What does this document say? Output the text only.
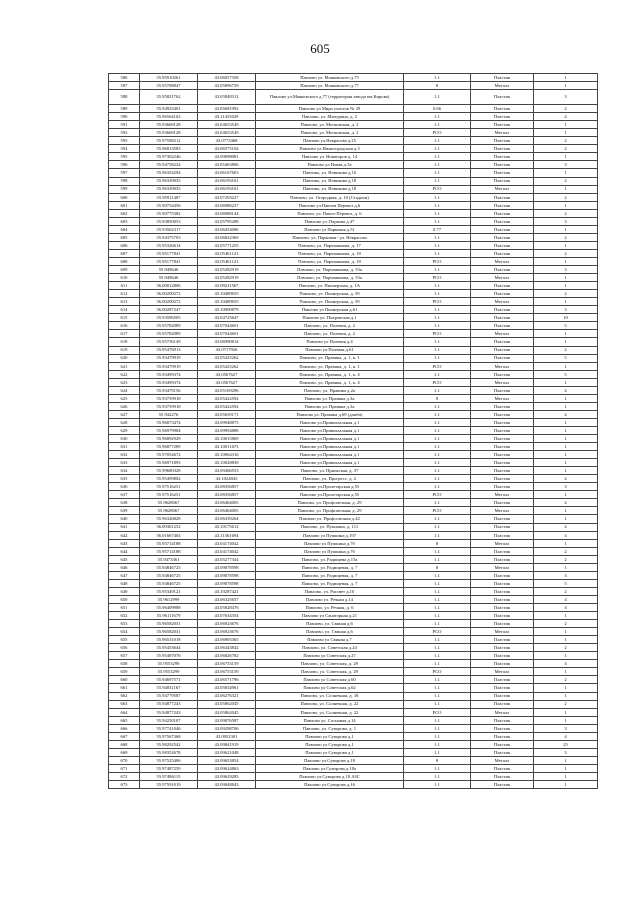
605
586	55.95910261	43.06057358	Павлово ул. Маяковского д.75	1.1	Пластик	1
587	55.95708847	43.05896759	Павлово ул. Маяковского д.77	8	Металл	1
588	55.95821762	43.05848312	Павлово ул.Маяковского д.77 (территория завода им.Кирова)	1.1	Пластик	3
589	55.94923401	43.05681992	Павлово ул Мира участок № 29	0.66	Пластик	2
590	55.96564102	43.11433029	Павлово, ул. Мичурина, д. 2	1.1	Пластик	4
591	55.93669128	43.04653549	Павлово, ул. Московская, д. 2	1.1	Пластик	1
592	55.93669128	43.04653549	Павлово, ул. Московская, д. 2	PCO	Металл	1
593	55.97598212	43.0773468	Павлово ул.Некрасова д.25	1.1	Пластик	2
594	55.96813583	43.06575104	Павлово ул.Нижегородская д.3	1.1	Пластик	2
595	55.97302246	43.09098081	Павлово ул. Новаторов д. 14	1.1	Пластик	1
596	55.94758224	43.05463806	Павлово ул Новая д.3а	1.1	Пластик	3
597	55.96354294	43.06167603	Павлово, ул. Новикова д.16	1.1	Пластик	1
598	55.96339035	43.06193161	Павлово, ул. Новикова д.18	1.1	Пластик	2
599	55.96339035	43.06193161	Павлово, ул. Новикова д.18	PCO	Металл	1
600	55.95911407	43.07293227	Павлово, ул. Огородная, д. 10 (Стадион)	1.1	Пластик	2
601	55.90754456	43.06986237	Павлово ул.Павлов Перевоз д.6	1.1	Пластик	1
602	55.90775382	43.06988144	Павлово, ул. Павло-Перевоз, д. 6	1.1	Пластик	2
603	55.93850053	43.05795288	Павлово ул. Паркова д.47	1.1	Пластик	3
604	55.93562317	43.06454086	Павлово ул Парковая д.51	0.77	Пластик	1
605	55.94375703	43.06822369	Павлово, ул. Парковая / ул. Некрасова	1.1	Пластик	2
606	55.95326614	43.05771255	Павлово, ул. Парчанинова, д. 17	1.1	Пластик	1
607	55.95177841	43.05461121	Павлово, ул. Парчанинова, д. 18	1.1	Пластик	2
608	55.95177841	43.05461121	Павлово, ул. Парчанинова, д. 18	PCO	Металл	1
609	55.949646	43.05282919	Павлово, ул. Парчанинова, д. 53а	1.1	Пластик	3
610	55.949646	43.05282919	Павлово, ул. Парчанинова, д. 53а	PCO	Металл	1
611	56.00012806	43.09211567	Павлово, ул. Пионерская, д. 1А	1.1	Пластик	1
612	56.00200272	43.10489655	Павлово, ул. Пионерская, д. 59	1.1	Пластик	2
613	56.00200272	43.10489655	Павлово, ул. Пионерская, д. 59	PCO	Металл	1
614	56.00287247	43.10900879	Павлово ул Пионерская д.61	1.1	Пластик	3
615	55.93596505	43.04725647	Павлово ул. Покровская д.1	1.1	Пластик	10
616	55.95782089	43.07044601	Павлово, ул. Полевая, д. 2	1.1	Пластик	5
617	55.95782089	43.07044601	Павлово, ул. Полевая, д. 2	PCO	Металл	1
618	55.95756149	43.06990814	Павлово ул Полевая д.4	1.1	Пластик	1
619	55.95476913	43.0717926	Павлово ул.Полевая д.61	1.1	Пластик	2
620	55.93479919	43.05425262	Павлово, ул. Правика, д. 1, к. 1	1.1	Пластик	5
621	55.93479919	43.05425262	Павлово, ул. Правика, д. 1, к. 1	PCO	Металл	1
622	55.93499374	43.0567627	Павлово, ул. Правика, д. 1, к. 4	1.1	Пластик	5
623	55.93499374	43.0567627	Павлово, ул. Правика, д. 1, к. 4	PCO	Металл	1
624	55.93479156	43.05169296	Павлово, ул. Правика д.2а	1.1	Пластик	4
625	55.93759918	43.05422592	Павлово ул. Правика д.3а	8	Металл	1
626	55.93759918	43.05422592	Павлово ул. Правика д.3а	1.1	Пластик	1
627	55.942276	43.05639171	Павлово ул. Правика д.69 (дамба)	1.1	Пластик	2
628	55.96873474	43.09948875	Павлово ул.Привокзальная д.1	1.1	Пластик	1
629	55.96979904	43.09994888	Павлово ул.Привокзальная д.1	1.1	Пластик	1
630	55.96892929	43.10015869	Павлово ул.Привокзальная д.1	1.1	Пластик	1
631	55.96877289	43.10011673	Павлово ул.Привокзальная д.1	1.1	Пластик	1
632	55.97054672	43.10064316	Павлово ул.Привокзальная д.1	1.1	Пластик	1
633	55.96971893	43.10028839	Павлово ул.Привокзальная д.1	1.1	Пластик	1
634	55.99680328	43.09466553	Павлово, ул. Приокская, д. 37	1.1	Пластик	1
635	55.95499802	43.1024843	Павлово, ул. Прогресс, д. 2	1.1	Пластик	2
636	55.97516251	43.08356857	Павлово ул.Пролетарская д.55	1.1	Пластик	3
637	55.97516251	43.08356857	Павлово ул.Пролетарская д.55	PCO	Металл	1
638	55.9628067	43.06464005	Павлово, ул. Профсоюзная, д. 29	1.1	Пластик	2
639	55.9628067	43.06464005	Павлово, ул. Профсоюзная, д. 29	PCO	Металл	1
640	55.96326828	43.06339264	Павлово ул. Профсоюзная д.42	1.1	Пластик	1
641	56.00361252	43.10175612	Павлово, ул. Пушкина, д. 111	1.1	Пластик	2
642	56.01667404	43.11361694	Павлово ул Пушкина д.197	1.1	Пластик	4
643	55.95714188	43.04174042	Павлово ул Пушкина д.7б	8	Металл	1
644	55.95714188	43.04174042	Павлово ул Пушкина д.7б	1.1	Пластик	2
645	55.9473361	43.05277344	Павлово, ул. Радищева д.15а	1.1	Пластик	2
646	55.94846725	43.09078598	Павлово, ул. Радищевая, д. 7	8	Металл	1
647	55.94846725	43.09078598	Павлово, ул. Радищевая, д. 7	1.1	Пластик	3
648	55.94846725	43.09078598	Павлово, ул. Радищевая, д. 7	1.1	Пластик	5
649	55.95349121	43.10287421	Павлово, ул. Рассвет д.10	1.1	Пластик	2
650	55.9612999	43.06325657	Павлово ул. Речная д.14	1.1	Пластик	4
651	55.96409988	43.05828476	Павлово, ул. Речная, д. 6	1.1	Пластик	4
652	55.96111679	43.07634354	Павлово ул Санаторная д.21	1.1	Пластик	1
653	55.96582031	43.06923676	Павлово, ул. Свиная д.6	1.1	Пластик	2
654	55.96582031	43.06923676	Павлово, ул. Свиная д.6	PCO	Металл	1
655	55.96531018	43.06905365	Павлово ул Свиная д.7	1.1	Пластик	1
656	55.95453644	43.06343842	Павлово, ул. Советская д.24	1.1	Пластик	2
657	55.95487076	43.06826782	Павлово ул Советская д.27	1.1	Пластик	1
658	55.9553299	43.06753159	Павлово, ул. Советская, д. 29	1.1	Пластик	4
659	55.9553299	43.06753159	Павлово, ул. Советская, д. 29	PCO	Металл	1
660	55.94697571	43.06571796	Павлово ул Советская д.60	1.1	Пластик	2
661	55.94831167	43.05834961	Павлово ул Советская д.62	1.1	Пластик	1
662	55.94779587	43.06276321	Павлово, ул. Солнечная, д. 18	1.1	Пластик	1
663	55.94877243	43.05862045	Павлово, ул. Солнечная, д. 22	1.1	Пластик	2
664	55.94877243	43.05862045	Павлово, ул. Солнечная, д. 22	PCO	Металл	1
665	55.94250107	43.09876587	Павлово ул. Сосновая д.14	1.1	Пластик	1
666	55.97741046	43.09298706	Павлово, ул. Суворова, д. 1	1.1	Пластик	3
667	55.97567368	43.0952301	Павлово ул Суворова д.1	1.1	Пластик	4
668	55.98292542	43.09841919	Павлово ул Суворова д.1	1.1	Пластик	25
669	55.98352678	43.09621048	Павлово ул Суворова д.1	1.1	Пластик	3
670	55.97525406	43.09653854	Павлово ул.Суворова д.18	8	Металл	1
671	55.97487259	43.09624863	Павлово ул.Суворова д.18а	1.1	Пластик	1
672	55.97486115	43.09629285	Павлово ул.Суворова д.18 АЗС	1.1	Пластик	1
673	55.97591019	43.09048843	Павлово ул.Суворова д.16	1.1	Пластик	1
